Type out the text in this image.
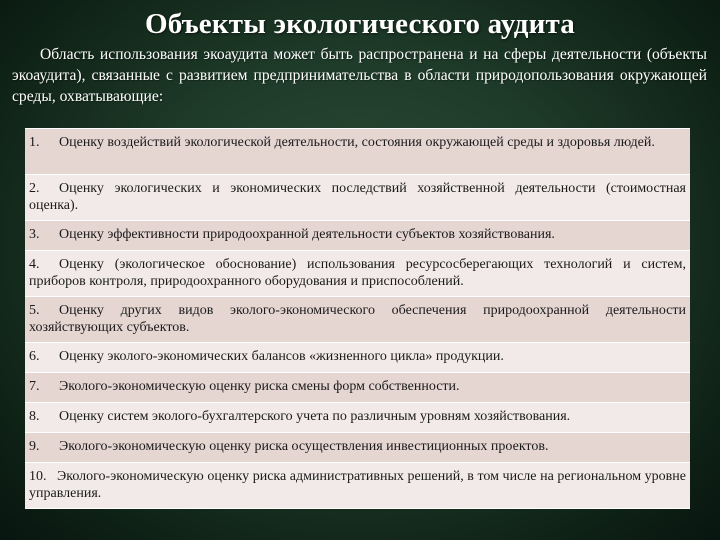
Объекты экологического аудита

Область использования экоаудита может быть распространена и на сферы деятельности (объекты экоаудита), связанные с развитием предпринимательства в области природопользования окружающей среды, охватывающие:

1. Оценку воздействий экологической деятельности, состояния окружающей среды и здоровья людей.
2. Оценку экологических и экономических последствий хозяйственной деятельности (стоимостная оценка).
3. Оценку эффективности природоохранной деятельности субъектов хозяйствования.
4. Оценку (экологическое обоснование) использования ресурсосберегающих технологий и систем, приборов контроля, природоохранного оборудования и приспособлений.
5. Оценку других видов эколого-экономического обеспечения природоохранной деятельности хозяйствующих субъектов.
6. Оценку эколого-экономических балансов «жизненного цикла» продукции.
7. Эколого-экономическую оценку риска смены форм собственности.
8. Оценку систем эколого-бухгалтерского учета по различным уровням хозяйствования.
9. Эколого-экономическую оценку риска осуществления инвестиционных проектов.
10. Эколого-экономическую оценку риска административных решений, в том числе на региональном уровне управления.
